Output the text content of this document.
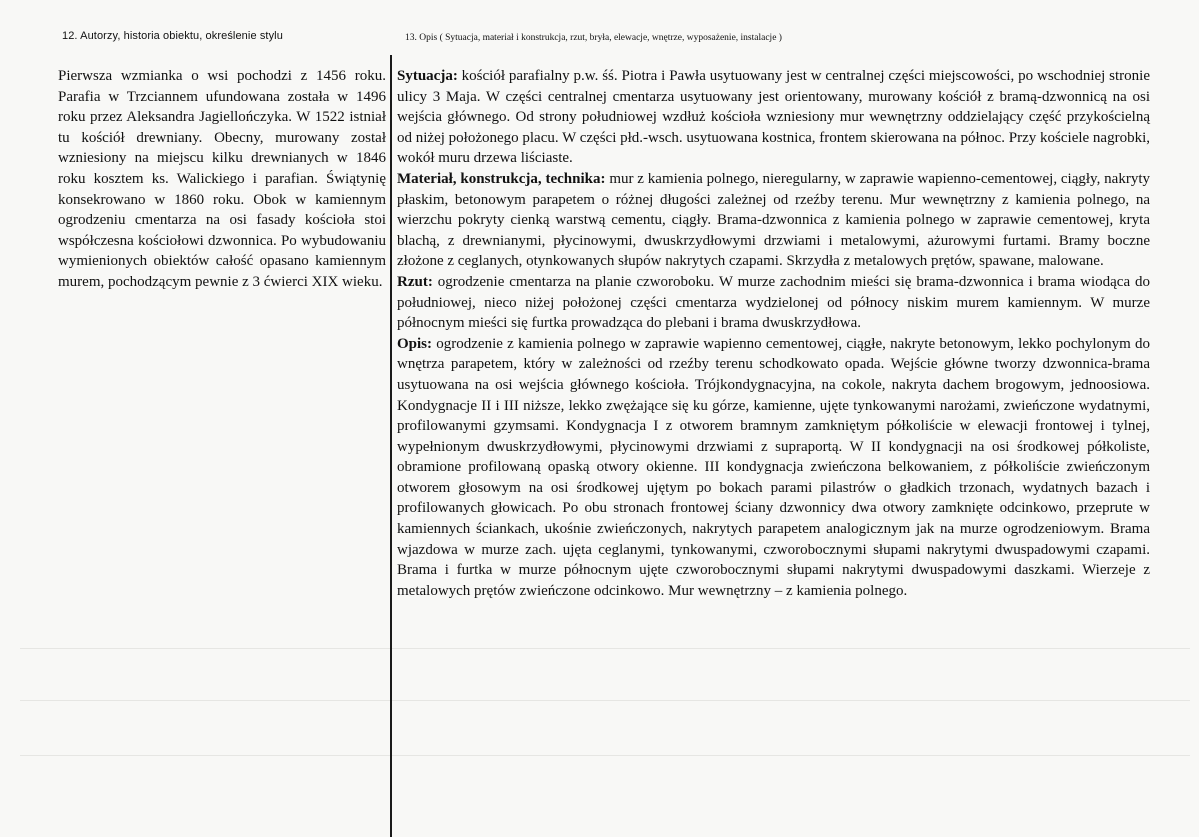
12. Autorzy, historia obiektu, określenie stylu	13. Opis ( Sytuacja, materiał i konstrukcja, rzut, bryła, elewacje, wnętrze, wyposażenie, instalacje )

Pierwsza wzmianka o wsi pochodzi z 1456 roku. Parafia w Trzciannem ufundowana została w 1496 roku przez Aleksandra Jagiellończyka. W 1522 istniał tu kościół drewniany. Obecny, murowany został wzniesiony na miejscu kilku drewnianych w 1846 roku kosztem ks. Walickiego i parafian. Świątynię konsekrowano w 1860 roku. Obok w kamiennym ogrodzeniu cmentarza na osi fasady kościoła stoi współczesna kościołowi dzwonnica. Po wybudowaniu wymienionych obiektów całość opasano kamiennym murem, pochodzącym pewnie z 3 ćwierci XIX wieku.

Sytuacja: kościół parafialny p.w. śś. Piotra i Pawła usytuowany jest w centralnej części miejscowości, po wschodniej stronie ulicy 3 Maja. W części centralnej cmentarza usytuowany jest orientowany, murowany kościół z bramą-dzwonnicą na osi wejścia głównego. Od strony południowej wzdłuż kościoła wzniesiony mur wewnętrzny oddzielający część przykościelną od niżej położonego placu. W części płd.-wsch. usytuowana kostnica, frontem skierowana na północ. Przy kościele nagrobki, wokół muru drzewa liściaste.

Materiał, konstrukcja, technika: mur z kamienia polnego, nieregularny, w zaprawie wapienno-cementowej, ciągły, nakryty płaskim, betonowym parapetem o różnej długości zależnej od rzeźby terenu. Mur wewnętrzny z kamienia polnego, na wierzchu pokryty cienką warstwą cementu, ciągły. Brama-dzwonnica z kamienia polnego w zaprawie cementowej, kryta blachą, z drewnianymi, płycinowymi, dwuskrzydłowymi drzwiami i metalowymi, ażurowymi furtami. Bramy boczne złożone z ceglanych, otynkowanych słupów nakrytych czapami. Skrzydła z metalowych prętów, spawane, malowane.

Rzut: ogrodzenie cmentarza na planie czworoboku. W murze zachodnim mieści się brama-dzwonnica i brama wiodąca do południowej, nieco niżej położonej części cmentarza wydzielonej od północy niskim murem kamiennym. W murze północnym mieści się furtka prowadząca do plebani i brama dwuskrzydłowa.

Opis: ogrodzenie z kamienia polnego w zaprawie wapienno cementowej, ciągłe, nakryte betonowym, lekko pochylonym do wnętrza parapetem, który w zależności od rzeźby terenu schodkowato opada. Wejście główne tworzy dzwonnica-brama usytuowana na osi wejścia głównego kościoła. Trójkondygnacyjna, na cokole, nakryta dachem brogowym, jednoosiowa. Kondygnacje II i III niższe, lekko zwężające się ku górze, kamienne, ujęte tynkowanymi narożami, zwieńczone wydatnymi, profilowanymi gzymsami. Kondygnacja I z otworem bramnym zamkniętym półkoliście w elewacji frontowej i tylnej, wypełnionym dwuskrzydłowymi, płycinowymi drzwiami z supraportą. W II kondygnacji na osi środkowej półkoliste, obramione profilowaną opaską otwory okienne. III kondygnacja zwieńczona belkowaniem, z półkoliście zwieńczonym otworem głosowym na osi środkowej ujętym po bokach parami pilastrów o gładkich trzonach, wydatnych bazach i profilowanych głowicach. Po obu stronach frontowej ściany dzwonnicy dwa otwory zamknięte odcinkowo, przeprute w kamiennych ściankach, ukośnie zwieńczonych, nakrytych parapetem analogicznym jak na murze ogrodzeniowym. Brama wjazdowa w murze zach. ujęta ceglanymi, tynkowanymi, czworobocznymi słupami nakrytymi dwuspadowymi czapami. Brama i furtka w murze północnym ujęte czworobocznymi słupami nakrytymi dwuspadowymi daszkami. Wierzeje z metalowych prętów zwieńczone odcinkowo. Mur wewnętrzny – z kamienia polnego.
